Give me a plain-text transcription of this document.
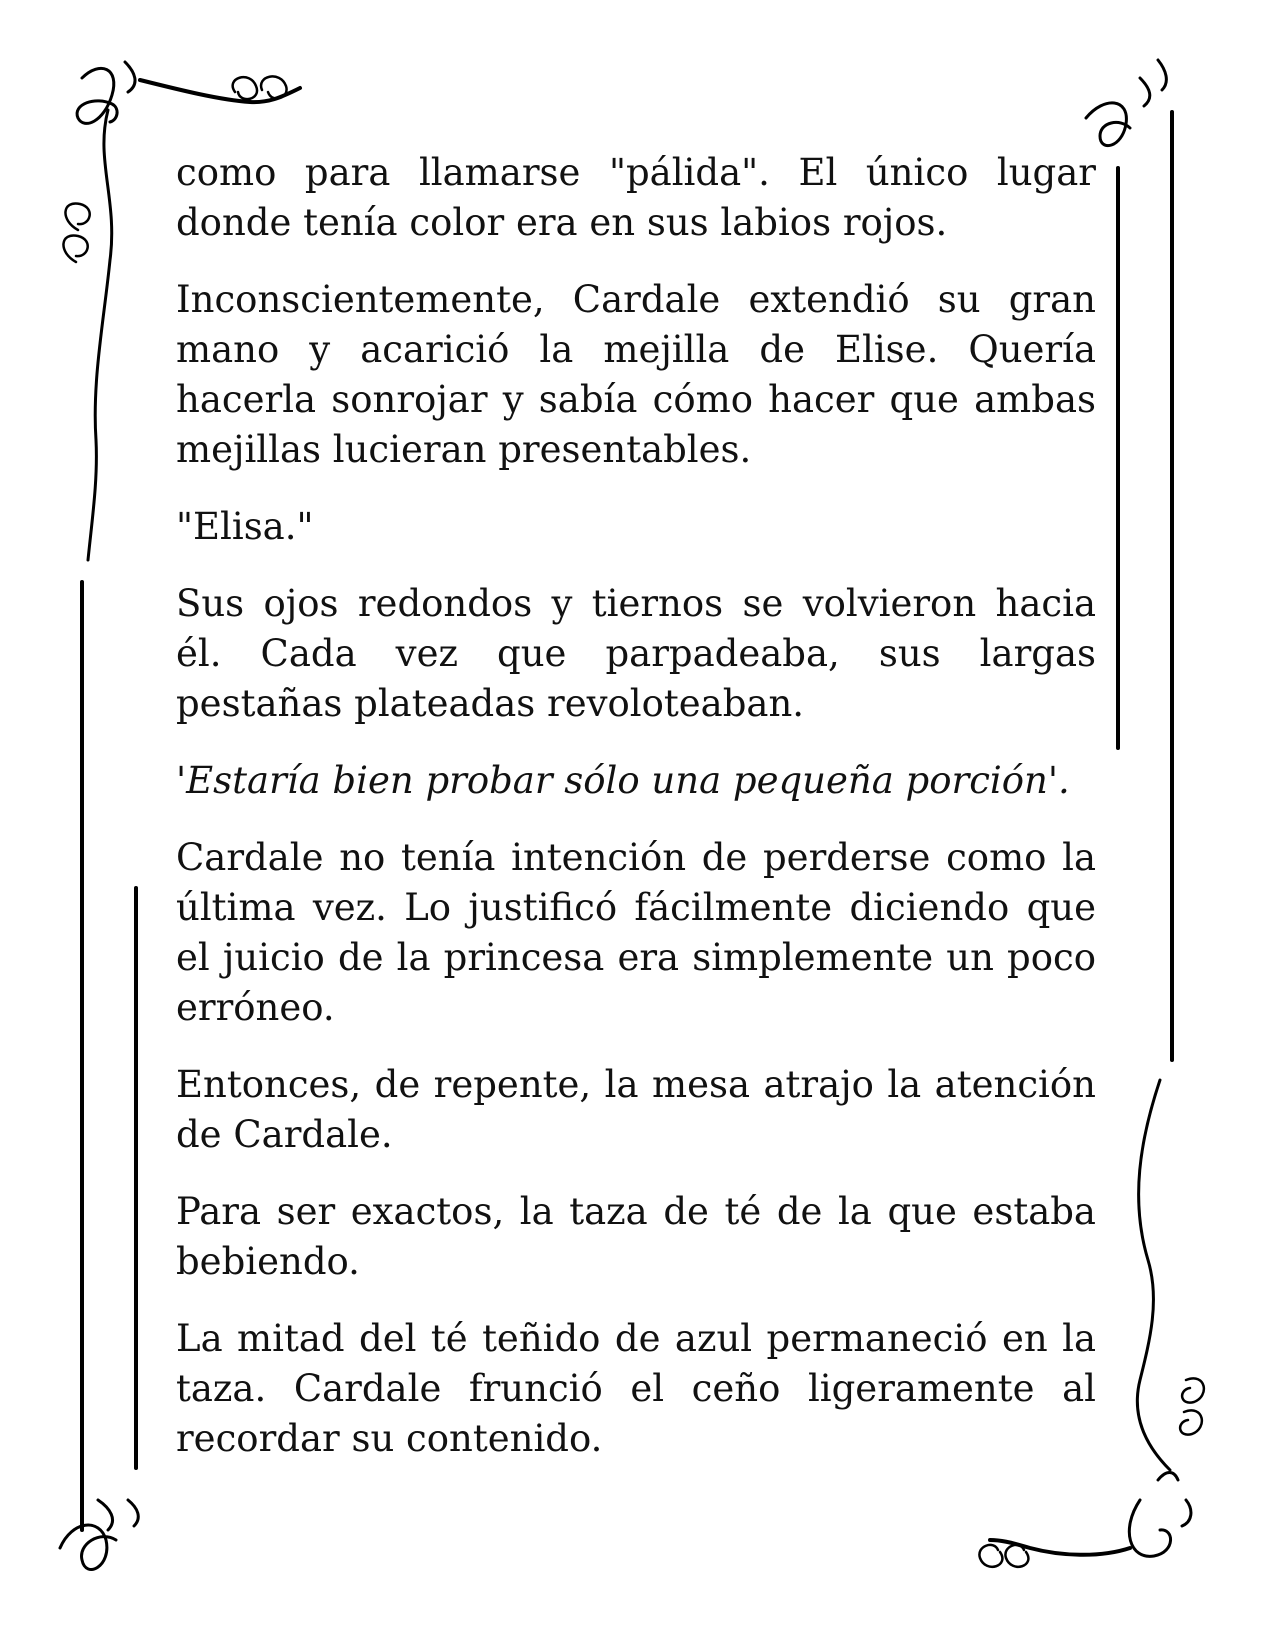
como para llamarse "pálida". El único lugar donde tenía color era en sus labios rojos.

Inconscientemente, Cardale extendió su gran mano y acarició la mejilla de Elise. Quería hacerla sonrojar y sabía cómo hacer que ambas mejillas lucieran presentables.

"Elisa."

Sus ojos redondos y tiernos se volvieron hacia él. Cada vez que parpadeaba, sus largas pestañas plateadas revoloteaban.

'Estaría bien probar sólo una pequeña porción'.

Cardale no tenía intención de perderse como la última vez. Lo justificó fácilmente diciendo que el juicio de la princesa era simplemente un poco erróneo.

Entonces, de repente, la mesa atrajo la atención de Cardale.

Para ser exactos, la taza de té de la que estaba bebiendo.

La mitad del té teñido de azul permaneció en la taza. Cardale frunció el ceño ligeramente al recordar su contenido.
